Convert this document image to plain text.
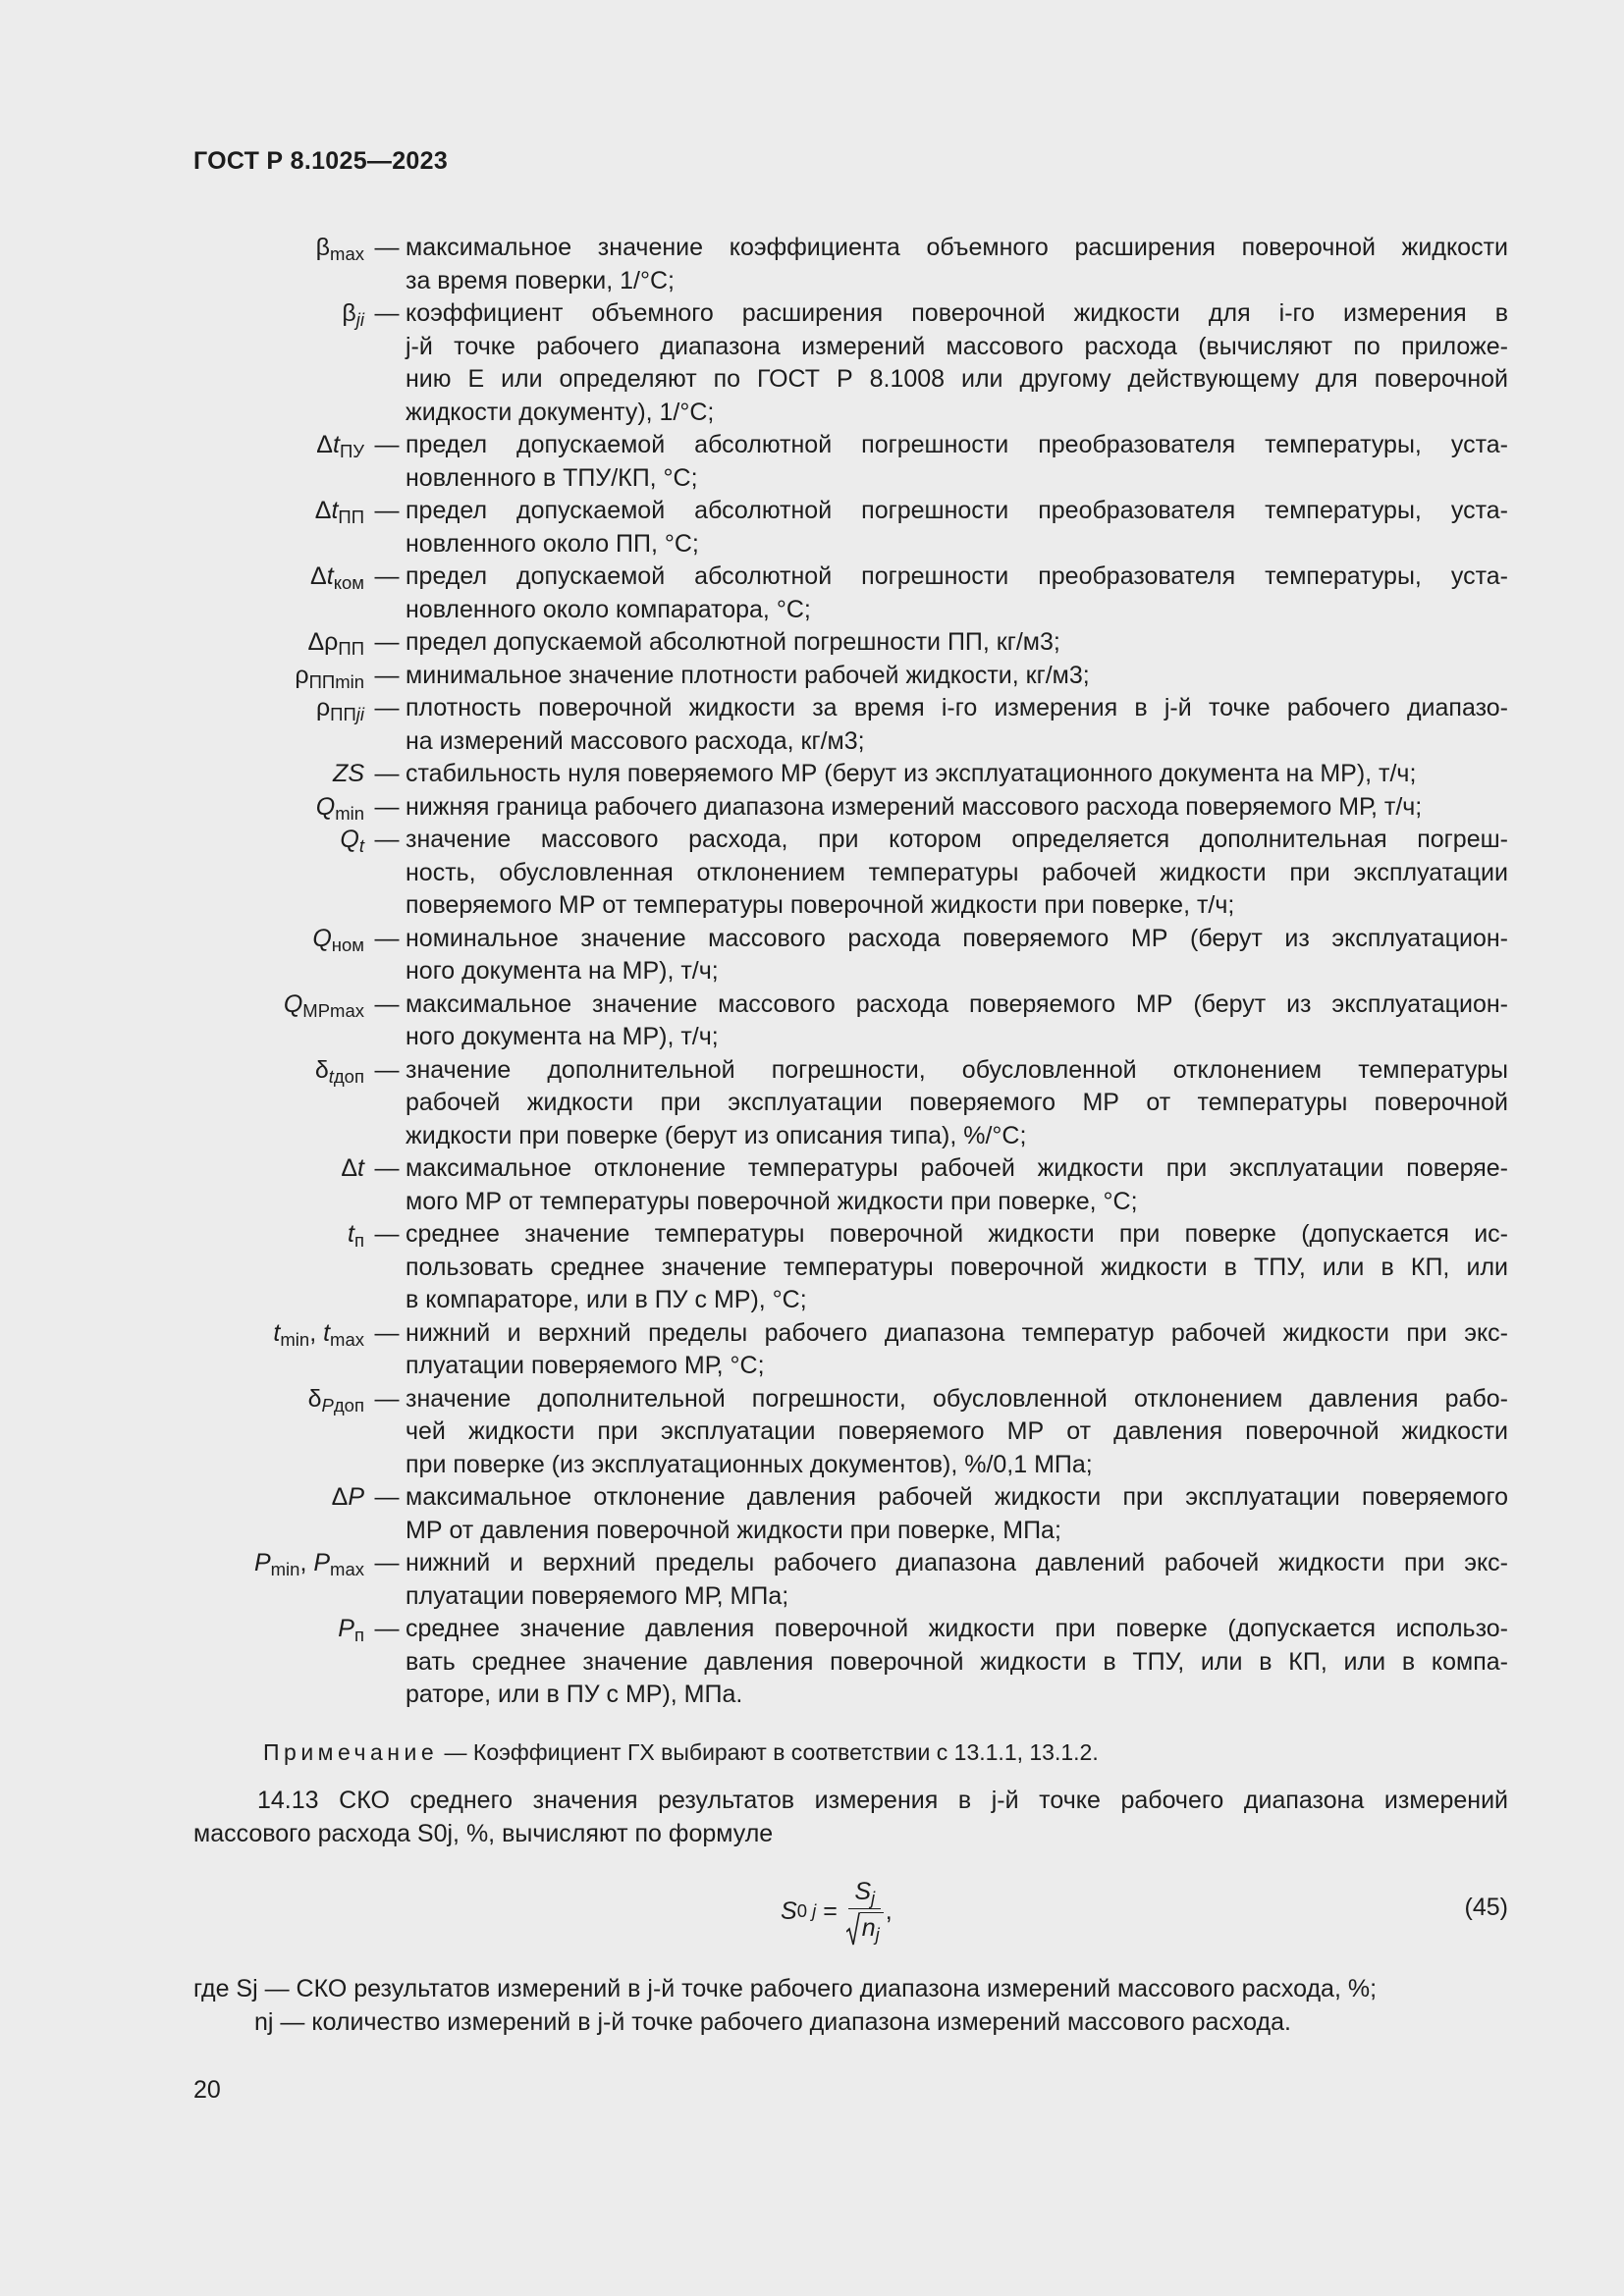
ГОСТ Р 8.1025—2023
$\beta_{max}$ — максимальное значение коэффициента объемного расширения поверочной жидкости
за время поверки, 1/°С;
$\beta_{ji}$ — коэффициент объемного расширения поверочной жидкости для i-го измерения в
j-й точке рабочего диапазона измерений массового расхода (вычисляют по приложе-
нию Е или определяют по ГОСТ Р 8.1008 или другому действующему для поверочной
жидкости документу), 1/°С;
$\Delta t_{ПУ}$ — предел допускаемой абсолютной погрешности преобразователя температуры, уста-
новленного в ТПУ/КП, °С;
$\Delta t_{ПП}$ — предел допускаемой абсолютной погрешности преобразователя температуры, уста-
новленного около ПП, °С;
$\Delta t_{ком}$ — предел допускаемой абсолютной погрешности преобразователя температуры, уста-
новленного около компаратора, °С;
$\Delta\rho_{ПП}$ — предел допускаемой абсолютной погрешности ПП, кг/м3;
$\rho_{ППmin}$ — минимальное значение плотности рабочей жидкости, кг/м3;
$\rho_{ППji}$ — плотность поверочной жидкости за время i-го измерения в j-й точке рабочего диапазо-
на измерений массового расхода, кг/м3;
ZS — стабильность нуля поверяемого МР (берут из эксплуатационного документа на МР), т/ч;
$Q_{min}$ — нижняя граница рабочего диапазона измерений массового расхода поверяемого МР, т/ч;
$Q_t$ — значение массового расхода, при котором определяется дополнительная погреш-
ность, обусловленная отклонением температуры рабочей жидкости при эксплуатации
поверяемого МР от температуры поверочной жидкости при поверке, т/ч;
$Q_{ном}$ — номинальное значение массового расхода поверяемого МР (берут из эксплуатацион-
ного документа на МР), т/ч;
$Q_{МРmax}$ — максимальное значение массового расхода поверяемого МР (берут из эксплуатацион-
ного документа на МР), т/ч;
$\delta_{tдоп}$ — значение дополнительной погрешности, обусловленной отклонением температуры
рабочей жидкости при эксплуатации поверяемого МР от температуры поверочной
жидкости при поверке (берут из описания типа), %/°С;
Δt — максимальное отклонение температуры рабочей жидкости при эксплуатации поверяе-
мого МР от температуры поверочной жидкости при поверке, °С;
$t_п$ — среднее значение температуры поверочной жидкости при поверке (допускается ис-
пользовать среднее значение температуры поверочной жидкости в ТПУ, или в КП, или
в компараторе, или в ПУ с МР), °С;
$t_{min}$, $t_{max}$ — нижний и верхний пределы рабочего диапазона температур рабочей жидкости при экс-
плуатации поверяемого МР, °С;
$\delta_{Pдоп}$ — значение дополнительной погрешности, обусловленной отклонением давления рабо-
чей жидкости при эксплуатации поверяемого МР от давления поверочной жидкости
при поверке (из эксплуатационных документов), %/0,1 МПа;
ΔP — максимальное отклонение давления рабочей жидкости при эксплуатации поверяемого
МР от давления поверочной жидкости при поверке, МПа;
$P_{min}$, $P_{max}$ — нижний и верхний пределы рабочего диапазона давлений рабочей жидкости при экс-
плуатации поверяемого МР, МПа;
$P_п$ — среднее значение давления поверочной жидкости при поверке (допускается использо-
вать среднее значение давления поверочной жидкости в ТПУ, или в КП, или в компа-
раторе, или в ПУ с МР), МПа.
Примечание — Коэффициент ГХ выбирают в соответствии с 13.1.1, 13.1.2.
14.13 СКО среднего значения результатов измерения в j-й точке рабочего диапазона измерений
массового расхода S0j, %, вычисляют по формуле
S 0 $j = \frac{S_j}{n_j}$ ,	(45)
где Sj — СКО результатов измерений в j-й точке рабочего диапазона измерений массового расхода, %;
nj — количество измерений в j-й точке рабочего диапазона измерений массового расхода.
20
